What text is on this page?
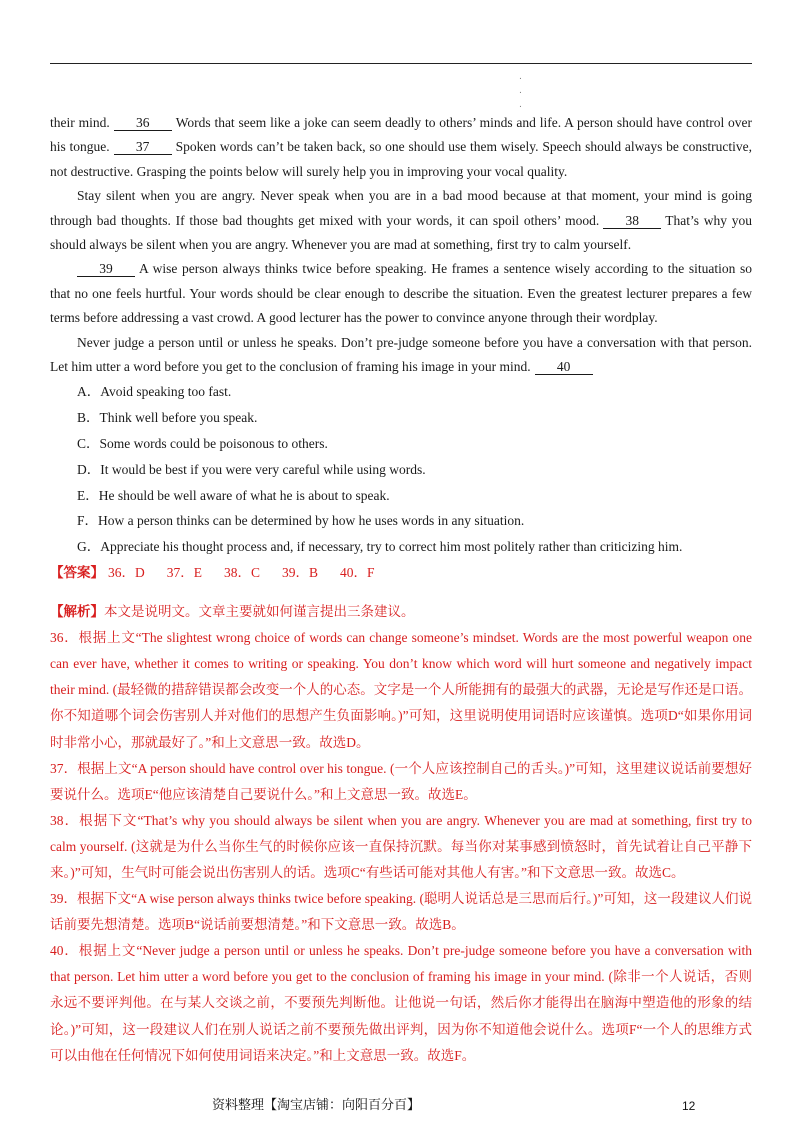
.
.
.

their mind. 36 Words that seem like a joke can seem deadly to others’ minds and life. A person should have control over his tongue. 37 Spoken words can’t be taken back, so one should use them wisely. Speech should always be constructive, not destructive. Grasping the points below will surely help you in improving your vocal quality.

Stay silent when you are angry. Never speak when you are in a bad mood because at that moment, your mind is going through bad thoughts. If those bad thoughts get mixed with your words, it can spoil others’ mood. 38 That’s why you should always be silent when you are angry. Whenever you are mad at something, first try to calm yourself.

39 A wise person always thinks twice before speaking. He frames a sentence wisely according to the situation so that no one feels hurtful. Your words should be clear enough to describe the situation. Even the greatest lecturer prepares a few terms before addressing a vast crowd. A good lecturer has the power to convince anyone through their wordplay.

Never judge a person until or unless he speaks. Don’t pre-judge someone before you have a conversation with that person. Let him utter a word before you get to the conclusion of framing his image in your mind. 40

A．Avoid speaking too fast.
B．Think well before you speak.
C．Some words could be poisonous to others.
D．It would be best if you were very careful while using words.
E．He should be well aware of what he is about to speak.
F．How a person thinks can be determined by how he uses words in any situation.
G．Appreciate his thought process and, if necessary, try to correct him most politely rather than criticizing him.

【答案】 36．D 37．E 38．C 39．B 40．F

【解析】本文是说明文。文章主要就如何谨言提出三条建议。

36．根据上文“The slightest wrong choice of words can change someone’s mindset. Words are the most powerful weapon one can ever have, whether it comes to writing or speaking. You don’t know which word will hurt someone and negatively impact their mind. (最轻微的措辞错误都会改变一个人的心态。文字是一个人所能拥有的最强大的武器，无论是写作还是口语。你不知道哪个词会伤害别人并对他们的思想产生负面影响。)”可知，这里说明使用词语时应该谨慎。选项D“如果你用词时非常小心，那就最好了。”和上文意思一致。故选D。

37．根据上文“A person should have control over his tongue. (一个人应该控制自己的舌头。)”可知，这里建议说话前要想好要说什么。选项E“他应该清楚自己要说什么。”和上文意思一致。故选E。

38．根据下文“That’s why you should always be silent when you are angry. Whenever you are mad at something, first try to calm yourself. (这就是为什么当你生气的时候你应该一直保持沉默。每当你对某事感到愤怒时，首先试着让自己平静下来。)”可知，生气时可能会说出伤害别人的话。选项C“有些话可能对其他人有害。”和下文意思一致。故选C。

39．根据下文“A wise person always thinks twice before speaking. (聪明人说话总是三思而后行。)”可知，这一段建议人们说话前要先想清楚。选项B“说话前要想清楚。”和下文意思一致。故选B。

40．根据上文“Never judge a person until or unless he speaks. Don’t pre-judge someone before you have a conversation with that person. Let him utter a word before you get to the conclusion of framing his image in your mind. (除非一个人说话，否则永远不要评判他。在与某人交谈之前，不要预先判断他。让他说一句话，然后你才能得出在脑海中塑造他的形象的结论。)”可知，这一段建议人们在别人说话之前不要预先做出评判，因为你不知道他会说什么。选项F“一个人的思维方式可以由他在任何情况下如何使用词语来决定。”和上文意思一致。故选F。

资料整理【淘宝店铺：向阳百分百】	12
